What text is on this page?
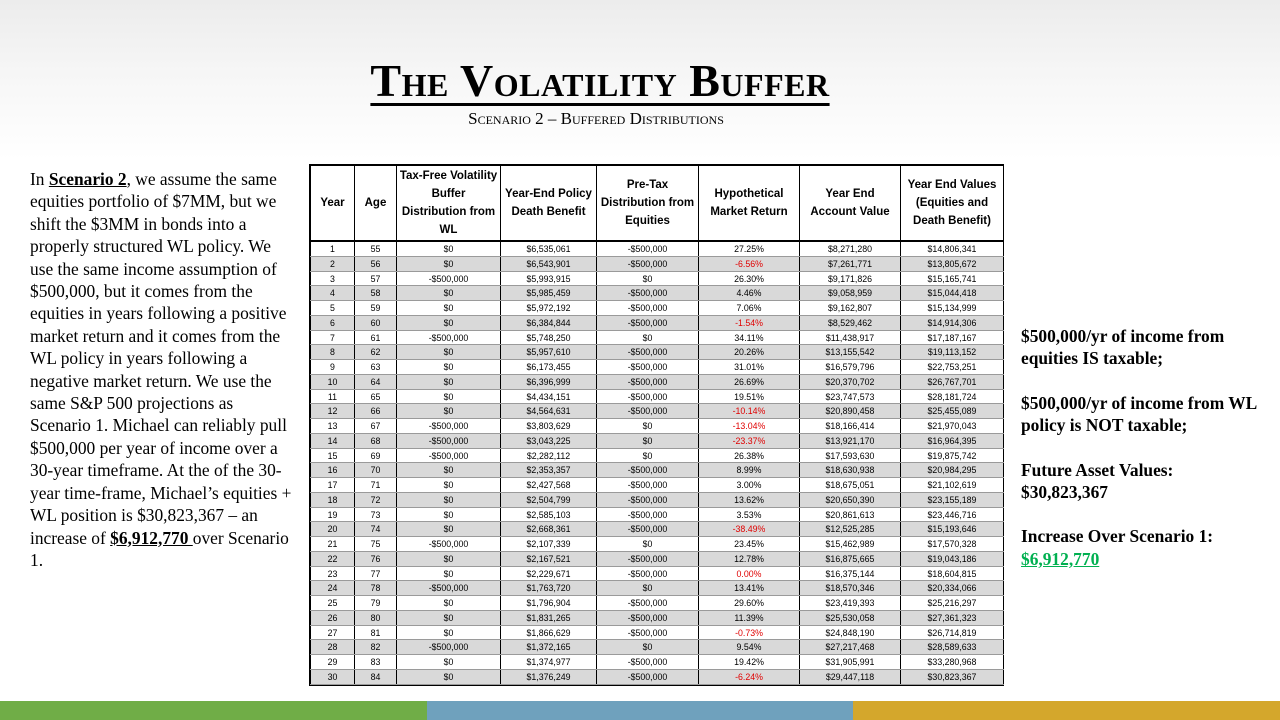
The Volatility Buffer
Scenario 2 – Buffered Distributions
In Scenario 2, we assume the same equities portfolio of $7MM, but we shift the $3MM in bonds into a properly structured WL policy. We use the same income assumption of $500,000, but it comes from the equities in years following a positive market return and it comes from the WL policy in years following a negative market return. We use the same S&P 500 projections as Scenario 1. Michael can reliably pull $500,000 per year of income over a 30-year timeframe. At the of the 30-year time-frame, Michael’s equities + WL position is $30,823,367 – an increase of $6,912,770 over Scenario 1.
Year	Age	Tax-Free Volatility Buffer Distribution from WL	Year-End Policy Death Benefit	Pre-Tax Distribution from Equities	Hypothetical Market Return	Year End Account Value	Year End Values (Equities and Death Benefit)
1	55	$0	$6,535,061	-$500,000	27.25%	$8,271,280	$14,806,341
2	56	$0	$6,543,901	-$500,000	-6.56%	$7,261,771	$13,805,672
3	57	-$500,000	$5,993,915	$0	26.30%	$9,171,826	$15,165,741
4	58	$0	$5,985,459	-$500,000	4.46%	$9,058,959	$15,044,418
5	59	$0	$5,972,192	-$500,000	7.06%	$9,162,807	$15,134,999
6	60	$0	$6,384,844	-$500,000	-1.54%	$8,529,462	$14,914,306
7	61	-$500,000	$5,748,250	$0	34.11%	$11,438,917	$17,187,167
8	62	$0	$5,957,610	-$500,000	20.26%	$13,155,542	$19,113,152
9	63	$0	$6,173,455	-$500,000	31.01%	$16,579,796	$22,753,251
10	64	$0	$6,396,999	-$500,000	26.69%	$20,370,702	$26,767,701
11	65	$0	$4,434,151	-$500,000	19.51%	$23,747,573	$28,181,724
12	66	$0	$4,564,631	-$500,000	-10.14%	$20,890,458	$25,455,089
13	67	-$500,000	$3,803,629	$0	-13.04%	$18,166,414	$21,970,043
14	68	-$500,000	$3,043,225	$0	-23.37%	$13,921,170	$16,964,395
15	69	-$500,000	$2,282,112	$0	26.38%	$17,593,630	$19,875,742
16	70	$0	$2,353,357	-$500,000	8.99%	$18,630,938	$20,984,295
17	71	$0	$2,427,568	-$500,000	3.00%	$18,675,051	$21,102,619
18	72	$0	$2,504,799	-$500,000	13.62%	$20,650,390	$23,155,189
19	73	$0	$2,585,103	-$500,000	3.53%	$20,861,613	$23,446,716
20	74	$0	$2,668,361	-$500,000	-38.49%	$12,525,285	$15,193,646
21	75	-$500,000	$2,107,339	$0	23.45%	$15,462,989	$17,570,328
22	76	$0	$2,167,521	-$500,000	12.78%	$16,875,665	$19,043,186
23	77	$0	$2,229,671	-$500,000	0.00%	$16,375,144	$18,604,815
24	78	-$500,000	$1,763,720	$0	13.41%	$18,570,346	$20,334,066
25	79	$0	$1,796,904	-$500,000	29.60%	$23,419,393	$25,216,297
26	80	$0	$1,831,265	-$500,000	11.39%	$25,530,058	$27,361,323
27	81	$0	$1,866,629	-$500,000	-0.73%	$24,848,190	$26,714,819
28	82	-$500,000	$1,372,165	$0	9.54%	$27,217,468	$28,589,633
29	83	$0	$1,374,977	-$500,000	19.42%	$31,905,991	$33,280,968
30	84	$0	$1,376,249	-$500,000	-6.24%	$29,447,118	$30,823,367

$500,000/yr of income from equities IS taxable;

$500,000/yr of income from WL policy is NOT taxable;

Future Asset Values:
$30,823,367

Increase Over Scenario 1:
$6,912,770
